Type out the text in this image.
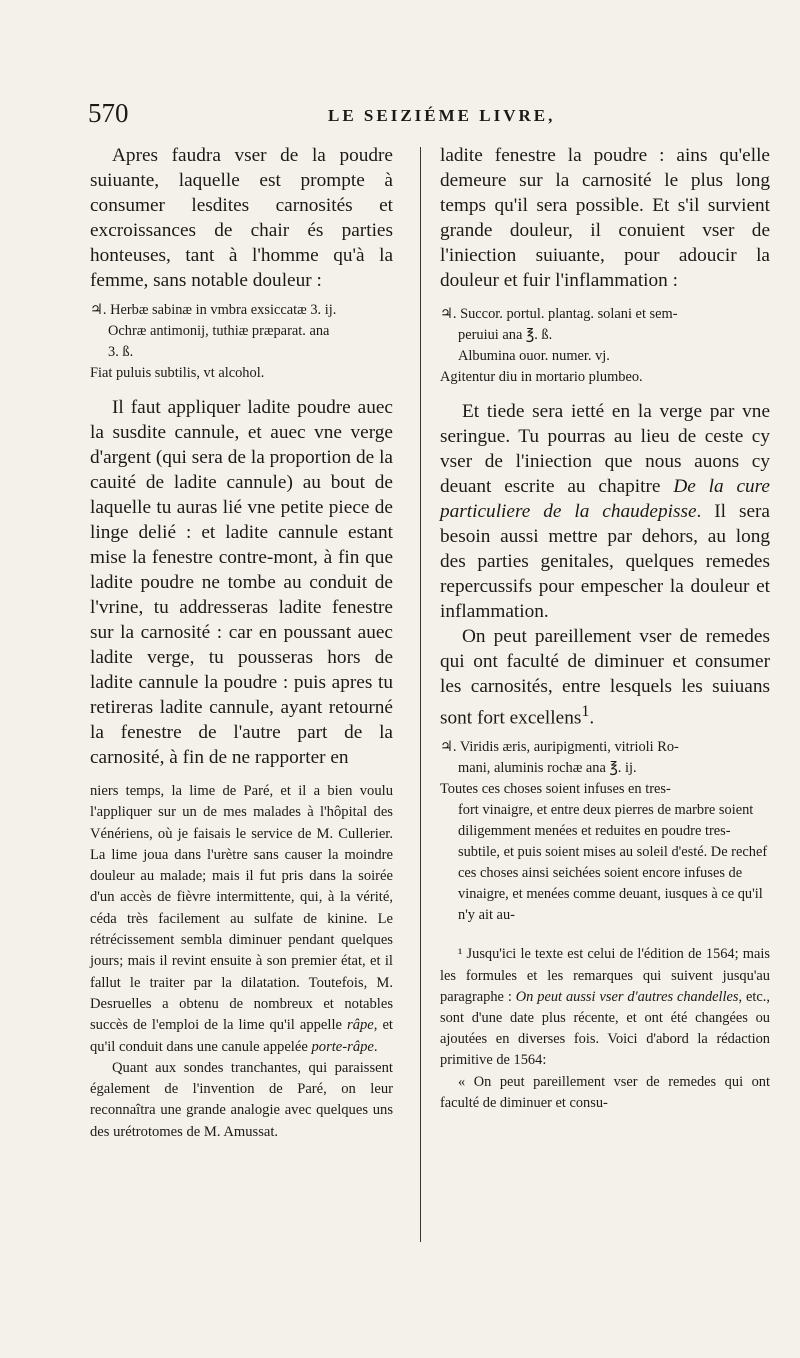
570	LE SEIZIÉME LIVRE,

Apres faudra vser de la poudre suiuante, laquelle est prompte à consumer lesdites carnosités et excroissances de chair és parties honteuses, tant à l'homme qu'à la femme, sans notable douleur :

♃. Herbæ sabinæ in vmbra exsiccatæ 3. ij.
Ochræ antimonij, tuthiæ præparat. ana
3. ß.
Fiat puluis subtilis, vt alcohol.

Il faut appliquer ladite poudre auec la susdite cannule, et auec vne verge d'argent (qui sera de la proportion de la cauité de ladite cannule) au bout de laquelle tu auras lié vne petite piece de linge delié : et ladite cannule estant mise la fenestre contre-mont, à fin que ladite poudre ne tombe au conduit de l'vrine, tu addresseras ladite fenestre sur la carnosité : car en poussant auec ladite verge, tu pousseras hors de ladite cannule la poudre : puis apres tu retireras ladite cannule, ayant retourné la fenestre de l'autre part de la carnosité, à fin de ne rapporter en

niers temps, la lime de Paré, et il a bien voulu l'appliquer sur un de mes malades à l'hôpital des Vénériens, où je faisais le service de M. Cullerier. La lime joua dans l'urètre sans causer la moindre douleur au malade; mais il fut pris dans la soirée d'un accès de fièvre intermittente, qui, à la vérité, céda très facilement au sulfate de kinine. Le rétrécissement sembla diminuer pendant quelques jours; mais il revint ensuite à son premier état, et il fallut le traiter par la dilatation. Toutefois, M. Desruelles a obtenu de nombreux et notables succès de l'emploi de la lime qu'il appelle râpe, et qu'il conduit dans une canule appelée porte-râpe.

Quant aux sondes tranchantes, qui paraissent également de l'invention de Paré, on leur reconnaîtra une grande analogie avec quelques uns des urétrotomes de M. Amussat.

ladite fenestre la poudre : ains qu'elle demeure sur la carnosité le plus long temps qu'il sera possible. Et s'il survient grande douleur, il conuient vser de l'iniection suiuante, pour adoucir la douleur et fuir l'inflammation :

♃. Succor. portul. plantag. solani et sem-
peruiui ana ℥. ß.
Albumina ouor. numer. vj.
Agitentur diu in mortario plumbeo.

Et tiede sera ietté en la verge par vne seringue. Tu pourras au lieu de ceste cy vser de l'iniection que nous auons cy deuant escrite au chapitre De la cure particuliere de la chaudepisse. Il sera besoin aussi mettre par dehors, au long des parties genitales, quelques remedes repercussifs pour empescher la douleur et inflammation.

On peut pareillement vser de remedes qui ont faculté de diminuer et consumer les carnosités, entre lesquels les suiuans sont fort excellens$^1$.

♃. Viridis æris, auripigmenti, vitrioli Ro-
mani, aluminis rochæ ana ℥. ij.
Toutes ces choses soient infuses en tres-
fort vinaigre, et entre deux pierres de marbre soient diligemment menées et reduites en poudre tres-subtile, et puis soient mises au soleil d'esté. De rechef ces choses ainsi seichées soient encore infuses de vinaigre, et menées comme deuant, iusques à ce qu'il n'y ait au-
¹ Jusqu'ici le texte est celui de l'édition de 1564; mais les formules et les remarques qui suivent jusqu'au paragraphe : On peut aussi vser d'autres chandelles, etc., sont d'une date plus récente, et ont été changées ou ajoutées en diverses fois. Voici d'abord la rédaction primitive de 1564:
« On peut pareillement vser de remedes qui ont faculté de diminuer et consu-
